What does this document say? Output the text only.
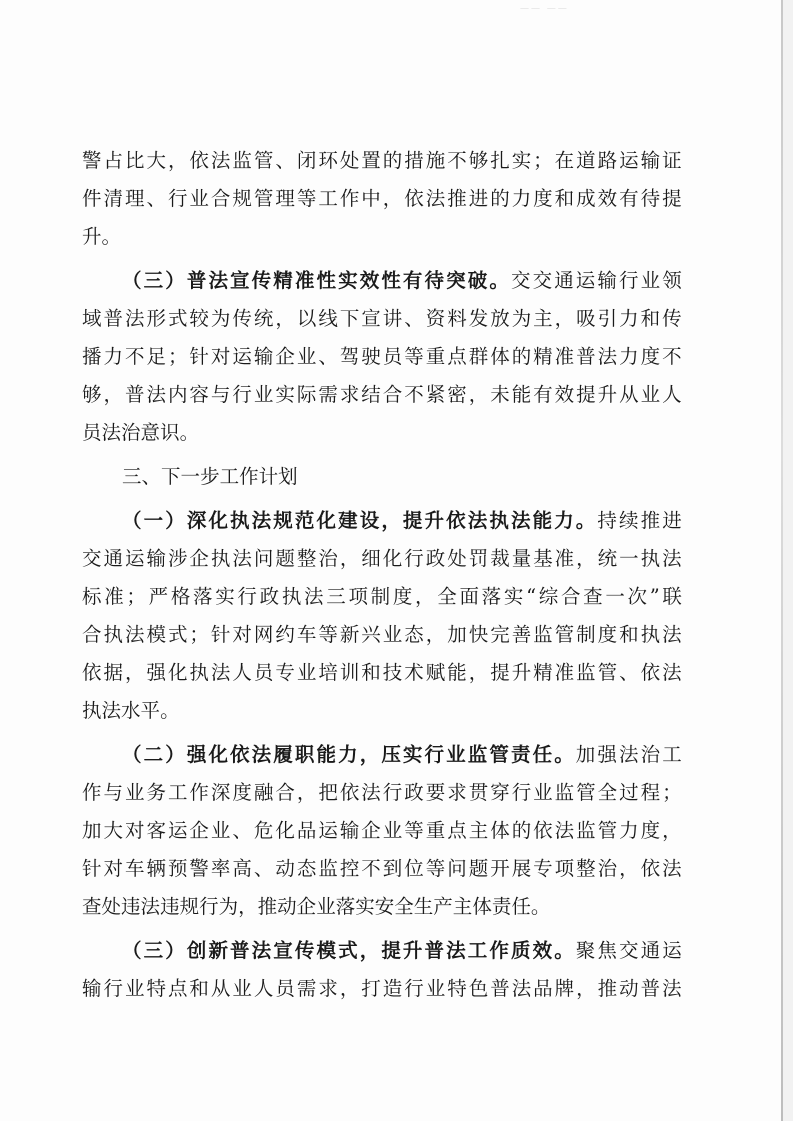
—— ——
警 占 比 大 ， 依 法 监 管 、 闭 环 处 置 的 措 施 不 够 扎 实 ； 在 道 路 运 输 证
件 清 理 、 行 业 合 规 管 理 等 工 作 中 ， 依 法 推 进 的 力 度 和 成 效 有 待 提
升 。
（ 三 ） 普 法 宣 传 精 准 性 实 效 性 有 待 突 破 。 交 交 通 运 输 行 业 领
域 普 法 形 式 较 为 传 统 ， 以 线 下 宣 讲 、 资 料 发 放 为 主 ， 吸 引 力 和 传
播 力 不 足 ； 针 对 运 输 企 业 、 驾 驶 员 等 重 点 群 体 的 精 准 普 法 力 度 不
够 ， 普 法 内 容 与 行 业 实 际 需 求 结 合 不 紧 密 ， 未 能 有 效 提 升 从 业 人
员 法 治 意 识 。
三 、 下 一 步 工 作 计 划
（ 一 ） 深 化 执 法 规 范 化 建 设 ， 提 升 依 法 执 法 能 力 。 持 续 推 进
交 通 运 输 涉 企 执 法 问 题 整 治 ， 细 化 行 政 处 罚 裁 量 基 准 ， 统 一 执 法
标 准 ； 严 格 落 实 行 政 执 法 三 项 制 度 ， 全 面 落 实 “ 综 合 查 一 次 ” 联
合 执 法 模 式 ； 针 对 网 约 车 等 新 兴 业 态 ， 加 快 完 善 监 管 制 度 和 执 法
依 据 ， 强 化 执 法 人 员 专 业 培 训 和 技 术 赋 能 ， 提 升 精 准 监 管 、 依 法
执 法 水 平 。
（ 二 ） 强 化 依 法 履 职 能 力 ， 压 实 行 业 监 管 责 任 。 加 强 法 治 工
作 与 业 务 工 作 深 度 融 合 ， 把 依 法 行 政 要 求 贯 穿 行 业 监 管 全 过 程 ；
加 大 对 客 运 企 业 、 危 化 品 运 输 企 业 等 重 点 主 体 的 依 法 监 管 力 度 ，
针 对 车 辆 预 警 率 高 、 动 态 监 控 不 到 位 等 问 题 开 展 专 项 整 治 ， 依 法
查 处 违 法 违 规 行 为 ， 推 动 企 业 落 实 安 全 生 产 主 体 责 任 。
（ 三 ） 创 新 普 法 宣 传 模 式 ， 提 升 普 法 工 作 质 效 。 聚 焦 交 通 运
输 行 业 特 点 和 从 业 人 员 需 求 ， 打 造 行 业 特 色 普 法 品 牌 ， 推 动 普 法
